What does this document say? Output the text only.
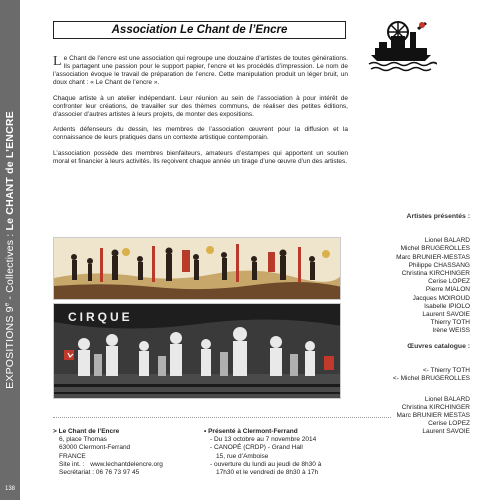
EXPOSITIONS 9e - Collectives : Le CHANT de L’ENCRE
138
Association Le Chant de l’Encre

Le Chant de l’encre est une association qui regroupe une douzaine d’artistes de toutes générations. Ils partagent une passion pour le support papier, l’encre et les procédés d’impression. Le nom de l’association évoque le travail de préparation de l’encre. Cette manipulation produit un léger bruit, un doux chant : « Le Chant de l’encre ».

Chaque artiste à un atelier indépendant. Leur réunion au sein de l’association à pour intérêt de confronter leur créations, de travailler sur des thèmes communs, de réaliser des petites éditions, d’associer d’autres artistes à leurs projets, de monter des expositions.

Ardents défenseurs du dessin, les membres de l’association œuvrent pour la diffusion et la connaissance de leurs pratiques dans un contexte artistique contemporain.

L’association possède des membres bienfaiteurs, amateurs d’estampes qui apportent un soutien moral et financier à leurs activités. Ils reçoivent chaque année un tirage d’une œuvre d’un des artistes.

Artistes présentés :
Lionel BALARD
Michel BRUGEROLLES
Marc BRUNIER-MESTAS
Philippe CHASSANG
Christina KIRCHINGER
Cerise LOPEZ
Pierre MIALON
Jacques MOIROUD
Isabelle IPIOLO
Laurent SAVOIE
Thierry TOTH
Irène WEISS
Œuvres catalogue :
<- Thierry TOTH
<- Michel BRUGEROLLES
Lionel BALARD
Christina KIRCHINGER
Marc BRUNIER MESTAS
Cerise LOPEZ
Laurent SAVOIE
CIRQUE
> Le Chant de l’Encre
6, place Thomas
63000 Clermont-Ferrand
FRANCE
Site int. : www.lechantdelencre.org
Secrétariat : 06 76 73 97 45
• Présenté à Clermont-Ferrand
- Du 13 octobre au 7 novembre 2014
- CANOPÉ (CRDP) - Grand Hall
15, rue d’Amboise
- ouverture du lundi au jeudi de 8h30 à
17h30 et le vendredi de 8h30 à 17h
